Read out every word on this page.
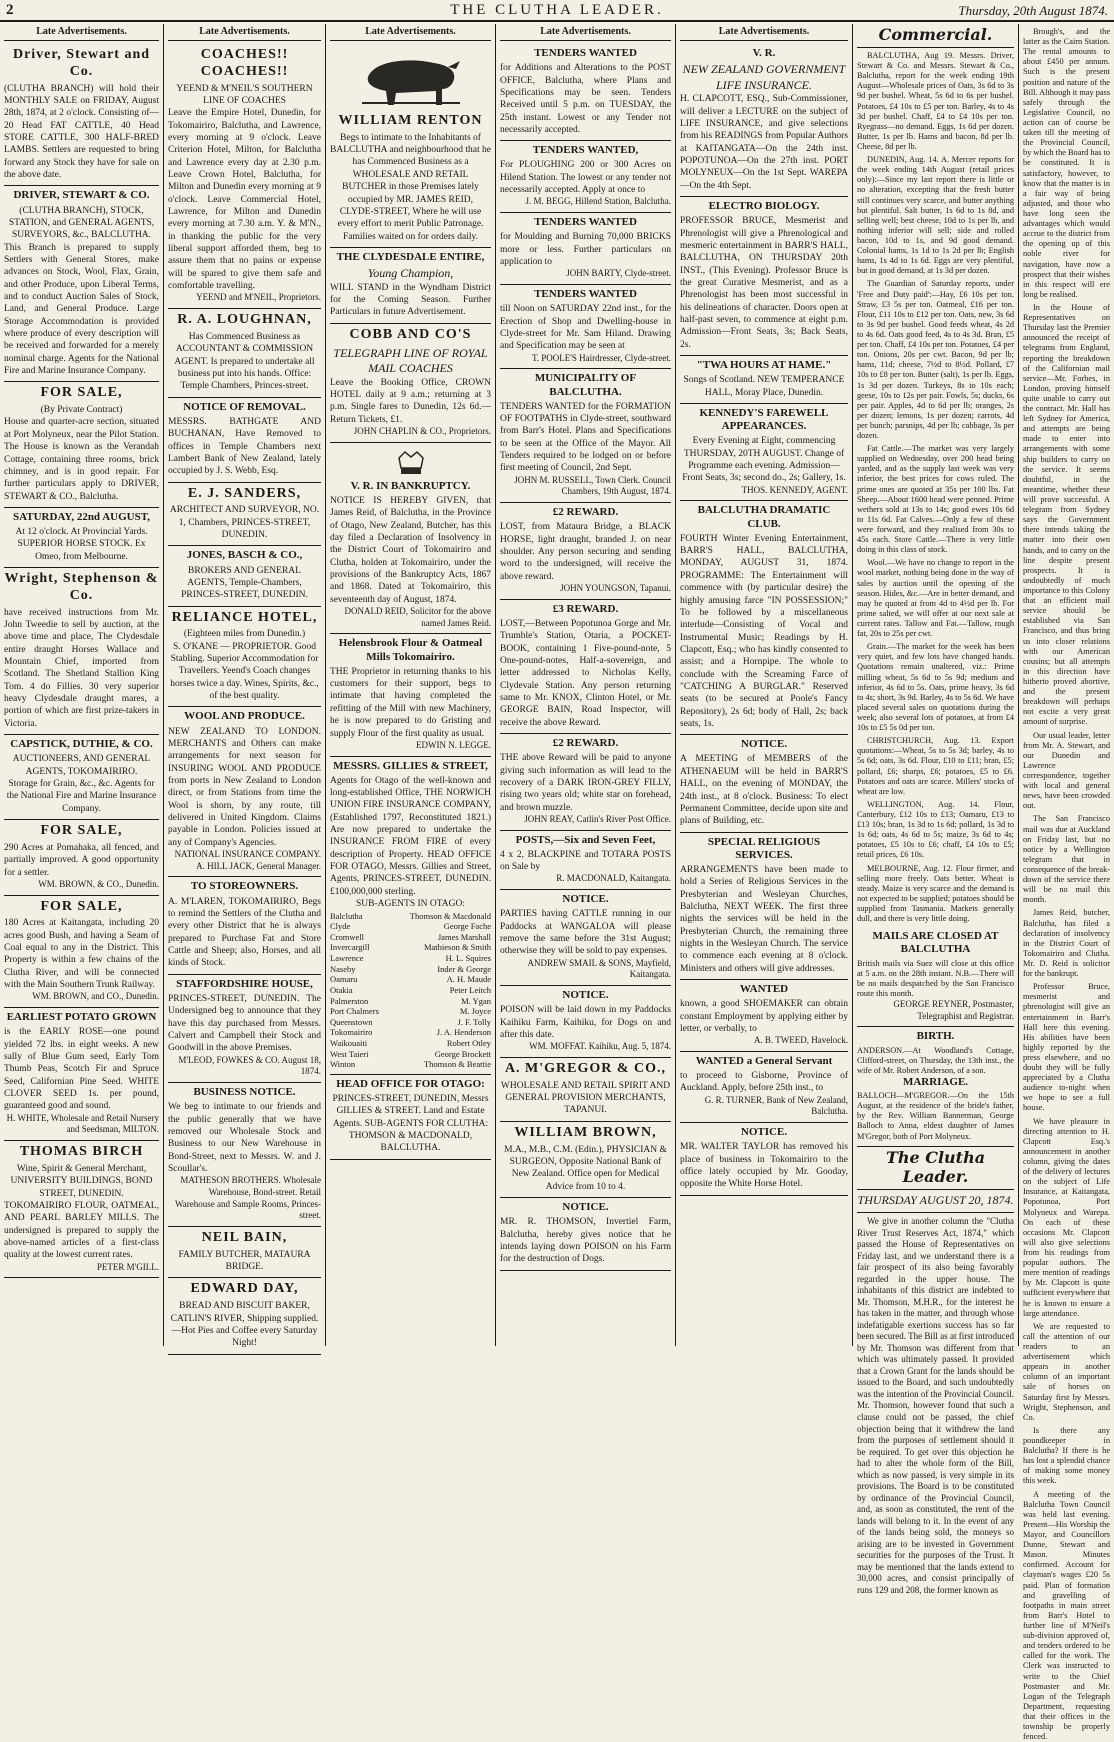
2	THE CLUTHA LEADER.	Thursday, 20th August 1874.
Late Advertisements.
Driver, Stewart and Co.
(CLUTHA BRANCH) will hold their MONTHLY SALE on FRIDAY, August 28th, 1874, at 2 o'clock. Consisting of— 20 Head FAT CATTLE, 40 Head STORE CATTLE, 300 HALF-BRED LAMBS. Settlers are requested to bring forward any Stock they have for sale on the above date.
DRIVER, STEWART & CO.
(CLUTHA BRANCH), STOCK, STATION, and GENERAL AGENTS, SURVEYORS, &c., BALCLUTHA.
This Branch is prepared to supply Settlers with General Stores, make advances on Stock, Wool, Flax, Grain, and other Produce, upon Liberal Terms, and to conduct Auction Sales of Stock, Land, and General Produce. Large Storage Accommodation is provided where produce of every description will be received and forwarded for a merely nominal charge. Agents for the National Fire and Marine Insurance Company.
FOR SALE,
(By Private Contract)
House and quarter-acre section, situated at Port Molyneux, near the Pilot Station. The House is known as the Verandah Cottage, containing three rooms, brick chimney, and is in good repair. For further particulars apply to DRIVER, STEWART & CO., Balclutha.
SATURDAY, 22nd AUGUST,
At 12 o'clock. At Provincial Yards.
SUPERIOR HORSE STOCK. Ex Omeo, from Melbourne.
Wright, Stephenson & Co.
have received instructions from Mr. John Tweedie to sell by auction, at the above time and place, The Clydesdale entire draught Horses Wallace and Mountain Chief, imported from Scotland. The Shetland Stallion King Tom. 4 do Fillies. 30 very superior heavy Clydesdale draught mares, a portion of which are first prize-takers in Victoria.
CAPSTICK, DUTHIE, & CO.
AUCTIONEERS, AND GENERAL AGENTS, TOKOMAIRIRO.
Storage for Grain, &c., &c. Agents for the National Fire and Marine Insurance Company.
FOR SALE,
290 Acres at Pomahaka, all fenced, and partially improved. A good opportunity for a settler.
WM. BROWN, & CO., Dunedin.
FOR SALE,
180 Acres at Kaitangata, including 20 acres good Bush, and having a Seam of Coal equal to any in the District. This Property is within a few chains of the Clutha River, and will be connected with the Main Southern Trunk Railway.
WM. BROWN, and CO., Dunedin.
EARLIEST POTATO GROWN
is the EARLY ROSE—one pound yielded 72 lbs. in eight weeks. A new sally of Blue Gum seed, Early Tom Thumb Peas, Scotch Fir and Spruce Seed, Californian Pine Seed. WHITE CLOVER SEED 1s. per pound, guaranteed good and sound.
H. WHITE, Wholesale and Retail Nursery and Seedsman, MILTON.
THOMAS BIRCH
Wine, Spirit & General Merchant, UNIVERSITY BUILDINGS, BOND STREET, DUNEDIN.
TOKOMAIRIRO FLOUR, OATMEAL, AND PEARL BARLEY MILLS. The undersigned is prepared to supply the above-named articles of a first-class quality at the lowest current rates.
PETER M'GILL.
Late Advertisements.
COACHES!! COACHES!!
YEEND & M'NEIL'S SOUTHERN LINE OF COACHES
Leave the Empire Hotel, Dunedin, for Tokomairiro, Balclutha, and Lawrence, every morning at 9 o'clock. Leave Criterion Hotel, Milton, for Balclutha and Lawrence every day at 2.30 p.m. Leave Crown Hotel, Balclutha, for Milton and Dunedin every morning at 9 o'clock. Leave Commercial Hotel, Lawrence, for Milton and Dunedin every morning at 7.30 a.m. Y. & M'N., in thanking the public for the very liberal support afforded them, beg to assure them that no pains or expense will be spared to give them safe and comfortable travelling.
YEEND and M'NEIL, Proprietors.
R. A. LOUGHNAN,
Has Commenced Business as ACCOUNTANT & COMMISSION AGENT. Is prepared to undertake all business put into his hands. Office: Temple Chambers, Princes-street.
NOTICE OF REMOVAL.
MESSRS. BATHGATE AND BUCHANAN, Have Removed to offices in Temple Chambers next Lambert Bank of New Zealand, lately occupied by J. S. Webb, Esq.
E. J. SANDERS,
ARCHITECT AND SURVEYOR, NO. 1, Chambers, PRINCES-STREET, DUNEDIN.
JONES, BASCH & CO.,
BROKERS AND GENERAL AGENTS, Temple-Chambers, PRINCES-STREET, DUNEDIN.
RELIANCE HOTEL,
(Eighteen miles from Dunedin.)
S. O'KANE — PROPRIETOR. Good Stabling. Superior Accommodation for Travellers. Yeend's Coach changes horses twice a day. Wines, Spirits, &c., of the best quality.
WOOL AND PRODUCE.
NEW ZEALAND TO LONDON. MERCHANTS and Others can make arrangements for next season for INSURING WOOL AND PRODUCE from ports in New Zealand to London direct, or from Stations from time the Wool is shorn, by any route, till delivered in United Kingdom. Claims payable in London. Policies issued at any of Company's Agencies.
NATIONAL INSURANCE COMPANY. A. HILL JACK, General Manager.
TO STOREOWNERS.
A. M'LAREN, TOKOMAIRIRO, Begs to remind the Settlers of the Clutha and every other District that he is always prepared to Purchase Fat and Store Cattle and Sheep; also, Horses, and all kinds of Stock.
STAFFORDSHIRE HOUSE,
PRINCES-STREET, DUNEDIN. The Undersigned beg to announce that they have this day purchased from Messrs. Calvert and Campbell their Stock and Goodwill in the above Premises.
M'LEOD, FOWKES & CO. August 18, 1874.
BUSINESS NOTICE.
We beg to intimate to our friends and the public generally that we have removed our Wholesale Stock and Business to our New Warehouse in Bond-Street, next to Messrs. W. and J. Scoullar's.
MATHESON BROTHERS. Wholesale Warehouse, Bond-street. Retail Warehouse and Sample Rooms, Princes-street.
NEIL BAIN,
FAMILY BUTCHER, MATAURA BRIDGE.
EDWARD DAY,
BREAD AND BISCUIT BAKER, CATLIN'S RIVER, Shipping supplied.—Hot Pies and Coffee every Saturday Night!
Late Advertisements.
WILLIAM RENTON
Begs to intimate to the Inhabitants of BALCLUTHA and neighbourhood that he has Commenced Business as a WHOLESALE AND RETAIL BUTCHER in those Premises lately occupied by MR. JAMES REID, CLYDE-STREET, Where he will use every effort to merit Public Patronage. Families waited on for orders daily.
THE CLYDESDALE ENTIRE,
Young Champion,
WILL STAND in the Wyndham District for the Coming Season. Further Particulars in future Advertisement.
COBB AND CO'S
TELEGRAPH LINE OF ROYAL MAIL COACHES
Leave the Booking Office, CROWN HOTEL daily at 9 a.m.; returning at 3 p.m. Single fares to Dunedin, 12s 6d.—Return Tickets, £1.
JOHN CHAPLIN & CO., Proprietors.
V. R. IN BANKRUPTCY.
NOTICE IS HEREBY GIVEN, that James Reid, of Balclutha, in the Province of Otago, New Zealand, Butcher, has this day filed a Declaration of Insolvency in the District Court of Tokomairiro and Clutha, holden at Tokomairiro, under the provisions of the Bankruptcy Acts, 1867 and 1868. Dated at Tokomairiro, this seventeenth day of August, 1874.
DONALD REID, Solicitor for the above named James Reid.
Helensbrook Flour & Oatmeal Mills Tokomairiro.
THE Proprietor in returning thanks to his customers for their support, begs to intimate that having completed the refitting of the Mill with new Machinery, he is now prepared to do Gristing and supply Flour of the first quality as usual.
EDWIN N. LEGGE.
MESSRS. GILLIES & STREET,
Agents for Otago of the well-known and long-established Office, THE NORWICH UNION FIRE INSURANCE COMPANY, (Established 1797, Reconstituted 1821.) Are now prepared to undertake the INSURANCE FROM FIRE of every description of Property. HEAD OFFICE FOR OTAGO, Messrs. Gillies and Street, Agents, PRINCES-STREET, DUNEDIN. £100,000,000 sterling.
SUB-AGENTS IN OTAGO:
Balclutha	Thomson & Macdonald
Clyde	George Fache
Cromwell	James Marshall
Invercargill	Mathieson & Smith
Lawrence	H. L. Squires
Naseby	Inder & George
Oamaru	A. H. Maude
Otakia	Peter Leitch
Palmerston	M. Ygan
Port Chalmers	M. Joyce
Queenstown	J. F. Tolly
Tokomairiro	J. A. Henderson
Waikouaiti	Robert Otley
West Taieri	George Brockett
Winton	Thomson & Beattie
HEAD OFFICE FOR OTAGO:
PRINCES-STREET, DUNEDIN, Messrs GILLIES & STREET. Land and Estate Agents. SUB-AGENTS FOR CLUTHA: THOMSON & MACDONALD, BALCLUTHA.
Late Advertisements.
TENDERS WANTED
for Additions and Alterations to the POST OFFICE, Balclutha, where Plans and Specifications may be seen. Tenders Received until 5 p.m. on TUESDAY, the 25th instant. Lowest or any Tender not necessarily accepted.
TENDERS WANTED,
For PLOUGHING 200 or 300 Acres on Hilend Station. The lowest or any tender not necessarily accepted. Apply at once to
J. M. BEGG, Hillend Station, Balclutha.
TENDERS WANTED
for Moulding and Burning 70,000 BRICKS more or less. Further particulars on application to
JOHN BARTY, Clyde-street.
TENDERS WANTED
till Noon on SATURDAY 22nd inst., for the Erection of Shop and Dwelling-house in Clyde-street for Mr. Sam Hiland. Drawing and Specification may be seen at
T. POOLE'S Hairdresser, Clyde-street.
MUNICIPALITY OF BALCLUTHA.
TENDERS WANTED for the FORMATION OF FOOTPATHS in Clyde-street, southward from Barr's Hotel. Plans and Specifications to be seen at the Office of the Mayor. All Tenders required to be lodged on or before first meeting of Council, 2nd Sept.
JOHN M. RUSSELL, Town Clerk. Council Chambers, 19th August, 1874.
£2 REWARD.
LOST, from Mataura Bridge, a BLACK HORSE, light draught, branded J. on near shoulder. Any person securing and sending word to the undersigned, will receive the above reward.
JOHN YOUNGSON, Tapanui.
£3 REWARD.
LOST,—Between Popotunoa Gorge and Mr. Trumble's Station, Otaria, a POCKET-BOOK, containing 1 Five-pound-note, 5 One-pound-notes, Half-a-sovereign, and letter addressed to Nicholas Kelly, Clydevale Station. Any person returning same to Mr. KNOX, Clinton Hotel, or Mr. GEORGE BAIN, Road Inspector, will receive the above Reward.
£2 REWARD.
THE above Reward will be paid to anyone giving such information as will lead to the recovery of a DARK IRON-GREY FILLY, rising two years old; white star on forehead, and brown muzzle.
JOHN REAY, Catlin's River Post Office.
POSTS,—Six and Seven Feet,
4 x 2, BLACKPINE and TOTARA POSTS on Sale by
R. MACDONALD, Kaitangata.
NOTICE.
PARTIES having CATTLE running in our Paddocks at WANGALOA will please remove the same before the 31st August; otherwise they will be sold to pay expenses.
ANDREW SMAIL & SONS, Mayfield, Kaitangata.
NOTICE.
POISON will be laid down in my Paddocks Kaihiku Farm, Kaihiku, for Dogs on and after this date.
WM. MOFFAT. Kaihiku, Aug. 5, 1874.
A. M'GREGOR & CO.,
WHOLESALE AND RETAIL SPIRIT AND GENERAL PROVISION MERCHANTS, TAPANUI.
WILLIAM BROWN,
M.A., M.B., C.M. (Edin.), PHYSICIAN & SURGEON, Opposite National Bank of New Zealand. Office open for Medical Advice from 10 to 4.
NOTICE.
MR. R. THOMSON, Invertiel Farm, Balclutha, hereby gives notice that he intends laying down POISON on his Farm for the destruction of Dogs.
Late Advertisements.
V. R.
NEW ZEALAND GOVERNMENT LIFE INSURANCE.
H. CLAPCOTT, ESQ., Sub-Commissioner, will deliver a LECTURE on the subject of LIFE INSURANCE, and give selections from his READINGS from Popular Authors at KAITANGATA—On the 24th inst. POPOTUNOA—On the 27th inst. PORT MOLYNEUX—On the 1st Sept. WAREPA—On the 4th Sept.
ELECTRO BIOLOGY.
PROFESSOR BRUCE, Mesmerist and Phrenologist will give a Phrenological and mesmeric entertainment in BARR'S HALL, BALCLUTHA, ON THURSDAY 20th INST., (This Evening). Professor Bruce is the great Curative Mesmerist, and as a Phrenologist has been most successful in his delineations of character. Doors open at half-past seven, to commence at eight p.m. Admission—Front Seats, 3s; Back Seats, 2s.
"TWA HOURS AT HAME."
Songs of Scotland. NEW TEMPERANCE HALL, Moray Place, Dunedin.
KENNEDY'S FAREWELL APPEARANCES.
Every Evening at Eight, commencing THURSDAY, 20TH AUGUST. Change of Programme each evening. Admission—Front Seats, 3s; second do., 2s; Gallery, 1s.
THOS. KENNEDY, AGENT.
BALCLUTHA DRAMATIC CLUB.
FOURTH Winter Evening Entertainment, BARR'S HALL, BALCLUTHA, MONDAY, AUGUST 31, 1874. PROGRAMME: The Entertainment will commence with (by particular desire) the highly amusing farce "IN POSSESSION;" To be followed by a miscellaneous interlude—Consisting of Vocal and Instrumental Music; Readings by H. Clapcott, Esq.; who has kindly consented to assist; and a Hornpipe. The whole to conclude with the Screaming Farce of "CATCHING A BURGLAR." Reserved seats (to be secured at Poole's Fancy Repository), 2s 6d; body of Hall, 2s; back seats, 1s.
NOTICE.
A MEETING of MEMBERS of the ATHENAEUM will be held in BARR'S HALL, on the evening of MONDAY, the 24th inst., at 8 o'clock. Business: To elect Permanent Committee, decide upon site and plans of Building, etc.
SPECIAL RELIGIOUS SERVICES.
ARRANGEMENTS have been made to hold a Series of Religious Services in the Presbyterian and Wesleyan Churches, Balclutha, NEXT WEEK. The first three nights the services will be held in the Presbyterian Church, the remaining three nights in the Wesleyan Church. The service to commence each evening at 8 o'clock. Ministers and others will give addresses.
WANTED
known, a good SHOEMAKER can obtain constant Employment by applying either by letter, or verbally, to
A. B. TWEED, Havelock.
WANTED a General Servant
to proceed to Gisborne, Province of Auckland. Apply, before 25th inst., to
G. R. TURNER, Bank of New Zealand, Balclutha.
NOTICE.
MR. WALTER TAYLOR has removed his place of business in Tokomairiro to the office lately occupied by Mr. Gooday, opposite the White Horse Hotel.
Commercial.

BALCLUTHA, Aug 19. Messrs. Driver, Stewart & Co. and Messrs. Stewart & Co., Balclutha, report for the week ending 19th August—Wholesale prices of Oats, 3s 6d to 3s 9d per bushel. Wheat, 5s 6d to 6s per bushel. Potatoes, £4 10s to £5 per ton. Barley, 4s to 4s 3d per bushel. Chaff, £4 to £4 10s per ton. Ryegrass—no demand. Eggs, 1s 6d per dozen. Butter, 1s per lb. Hams and bacon, 8d per lb. Cheese, 8d per lb.

DUNEDIN, Aug. 14. A. Mercer reports for the week ending 14th August (retail prices only):—Since my last report there is little or no alteration, excepting that the fresh butter still continues very scarce, and butter anything but plentiful. Salt butter, 1s 6d to 1s 8d, and selling well; best cheese, 10d to 1s per lb, and nothing inferior will sell; side and rolled bacon, 10d to 1s, and 9d good demand. Colonial hams, 1s 1d to 1s 2d per lb; English hams, 1s 4d to 1s 6d. Eggs are very plentiful, but in good demand, at 1s 3d per dozen.

The Guardian of Saturday reports, under 'Free and Duty paid':—Hay, £6 10s per ton. Straw, £3 5s per ton. Oatmeal, £16 per ton. Flour, £11 10s to £12 per ton. Oats, new, 3s 6d to 3s 9d per bushel. Good feeds wheat, 4s 2d to 4s 6d. Oats good feed, 4s to 4s 3d. Bran, £5 per ton. Chaff, £4 10s per ton. Potatoes, £4 per ton. Onions, 20s per cwt. Bacon, 9d per lb; hams, 11d; cheese, 7½d to 8½d. Pollard, £7 10s to £8 per ton. Butter (salt), 1s per lb. Eggs, 1s 3d per dozen. Turkeys, 8s to 10s each; geese, 10s to 12s per pair. Fowls, 5s; ducks, 6s per pair. Apples, 4d to 6d per lb; oranges, 2s per dozen; lemons, 1s per dozen; carrots, 4d per bunch; parsnips, 4d per lb; cabbage, 3s per dozen.

Fat Cattle.—The market was very largely supplied on Wednesday, over 200 head being yarded, and as the supply last week was very inferior, the best prices for cows ruled. The prime ones are quoted at 35s per 100 lbs. Fat Sheep.—About 1600 head were penned. Prime wethers sold at 13s to 14s; good ewes 10s 6d to 11s 6d. Fat Calves.—Only a few of these were forward, and they realised from 30s to 45s each. Store Cattle.—There is very little doing in this class of stock.

Wool.—We have no change to report in the wool market, nothing being done in the way of sales by auction until the opening of the season. Hides, &c.—Are in better demand, and may be quoted at from 4d to 4½d per lb. For prime salted, we will offer at our next sale at current rates. Tallow and Fat.—Tallow, rough fat, 20s to 25s per cwt.

Grain.—The market for the week has been very quiet, and few lots have changed hands. Quotations remain unaltered, viz.: Prime milling wheat, 5s 6d to 5s 9d; medium and inferior, 4s 6d to 5s. Oats, prime heavy, 3s 6d to 4s; short, 3s 9d. Barley, 4s to 5s 6d. We have placed several sales on quotations during the week; also several lots of potatoes, at from £4 10s to £5 5s 0d per ton.

CHRISTCHURCH, Aug. 13. Export quotations:—Wheat, 5s to 5s 3d; barley, 4s to 5s 6d; oats, 3s 6d. Flour, £10 to £11; bran, £5; pollard, £6; sharps, £6; potatoes, £5 to £6. Potatoes and oats are scarce. Millers' stocks of wheat are low.

WELLINGTON, Aug. 14. Flour, Canterbury, £12 10s to £13; Oamaru, £13 to £13 10s; bran, 1s 3d to 1s 6d; pollard, 1s 3d to 1s 6d; oats, 4s 6d to 5s; maize, 3s 6d to 4s; potatoes, £5 10s to £6; chaff, £4 10s to £5; retail prices, £6 10s.

MELBOURNE, Aug. 12. Flour firmer, and selling more freely. Oats better. Wheat is steady. Maize is very scarce and the demand is not expected to be supplied; potatoes should be supplied from Tasmania. Markets generally dull, and there is very little doing.

MAILS ARE CLOSED AT BALCLUTHA
British mails via Suez will close at this office at 5 a.m. on the 28th instant. N.B.—There will be no mails despatched by the San Francisco route this month.
GEORGE REYNER, Postmaster, Telegraphist and Registrar.
BIRTH.
ANDERSON.—At Woodland's Cottage, Clifford-street, on Thursday, the 13th inst., the wife of Mr. Robert Anderson, of a son.
MARRIAGE.
BALLOCH—M'GREGOR.—On the 15th August, at the residence of the bride's father, by the Rev. William Bannerman, George Balloch to Anna, eldest daughter of James M'Gregor, both of Port Molyneux.
The Clutha Leader.
THURSDAY AUGUST 20, 1874.

We give in another column the "Clutha River Trust Reserves Act, 1874," which passed the House of Representatives on Friday last, and we understand there is a fair prospect of its also being favorably regarded in the upper house. The inhabitants of this district are indebted to Mr. Thomson, M.H.R., for the interest he has taken in the matter, and through whose indefatigable exertions success has so far been secured. The Bill as at first introduced by Mr. Thomson was different from that which was ultimately passed. It provided that a Crown Grant for the lands should be issued to the Board, and such undoubtedly was the intention of the Provincial Council. Mr. Thomson, however found that such a clause could not be passed, the chief objection being that it withdrew the land from the purposes of settlement should it be required. To get over this objection he had to alter the whole form of the Bill, which as now passed, is very simple in its provisions. The Board is to be constituted by ordinance of the Provincial Council, and, as soon as constituted, the rent of the lands will belong to it. In the event of any of the lands being sold, the moneys so arising are to be invested in Government securities for the purposes of the Trust. It may be mentioned that the lands extend to 30,000 acres, and consist principally of runs 129 and 208, the former known as

Brough's, and the latter as the Cairn Station. The rental amounts to about £450 per annum. Such is the present position and nature of the Bill. Although it may pass safely through the Legislative Council, no action can of course be taken till the meeting of the Provincial Council, by which the Board has to be constituted. It is satisfactory, however, to know that the matter is in a fair way of being adjusted, and those who have long seen the advantages which would accrue to the district from the opening up of this noble river for navigation, have now a prospect that their wishes in this respect will ere long be realised.

In the House of Representatives on Thursday last the Premier announced the receipt of telegrams from England, reporting the breakdown of the Californian mail service—Mr. Forbes, in London, proving himself quite unable to carry out the contract. Mr. Hall has left Sydney for America, and attempts are being made to enter into arrangements with some ship builders to carry on the service. It seems doubtful, in the meantime, whether these will prove successful. A telegram from Sydney says the Government there intends taking the matter into their own hands, and to carry on the line despite present prospects. It is undoubtedly of much importance to this Colony that an efficient mail service should be established via San Francisco, and thus bring us into closer relations with our American cousins; but all attempts in this direction have hitherto proved abortive, and the present breakdown will perhaps not excite a very great amount of surprise.

Our usual leader, letter from Mr. A. Stewart, and our Dunedin and Lawrence correspondence, together with local and general news, have been crowded out.

The San Francisco mail was due at Auckland on Friday last, but no notice by a Wellington telegram that in consequence of the break-down of the service there will be no mail this month.

James Reid, butcher, Balclutha, has filed a declaration of insolvency in the District Court of Tokomairiro and Clutha. Mr. D. Reid is solicitor for the bankrupt.

Professor Bruce, mesmerist and phrenologist will give an entertainment in Barr's Hall here this evening. His abilities have been highly reported by the press elsewhere, and no doubt they will be fully appreciated by a Clutha audience to-night when we hope to see a full house.

We have pleasure in directing attention to H. Clapcott Esq.'s announcement in another column, giving the dates of the delivery of lectures on the subject of Life Insurance, at Kaitangata, Popotunoa, Port Molyneux and Warepa. On each of these occasions Mr. Clapcott will also give selections from his readings from popular authors. The mere mention of readings by Mr. Clapcott is quite sufficient everywhere that he is known to ensure a large attendance.

We are requested to call the attention of our readers to an advertisement which appears in another column of an important sale of horses on Saturday first by Messrs. Wright, Stephenson, and Co.

Is there any poundkeeper in Balclutha? If there is he has lost a splendid chance of making some money this week.

A meeting of the Balclutha Town Council was held last evening. Present—His Worship the Mayor, and Councillors Dunne, Stewart and Mason. Minutes confirmed. Account for clayman's wages £20 5s paid. Plan of formation and gravelling of footpaths in main street from Barr's Hotel to further line of M'Neil's sub-division approved of, and tenders ordered to be called for the work. The Clerk was instructed to write to the Chief Postmaster and Mr. Logan of the Telegraph Department, requesting that their offices in the township be properly fenced.
